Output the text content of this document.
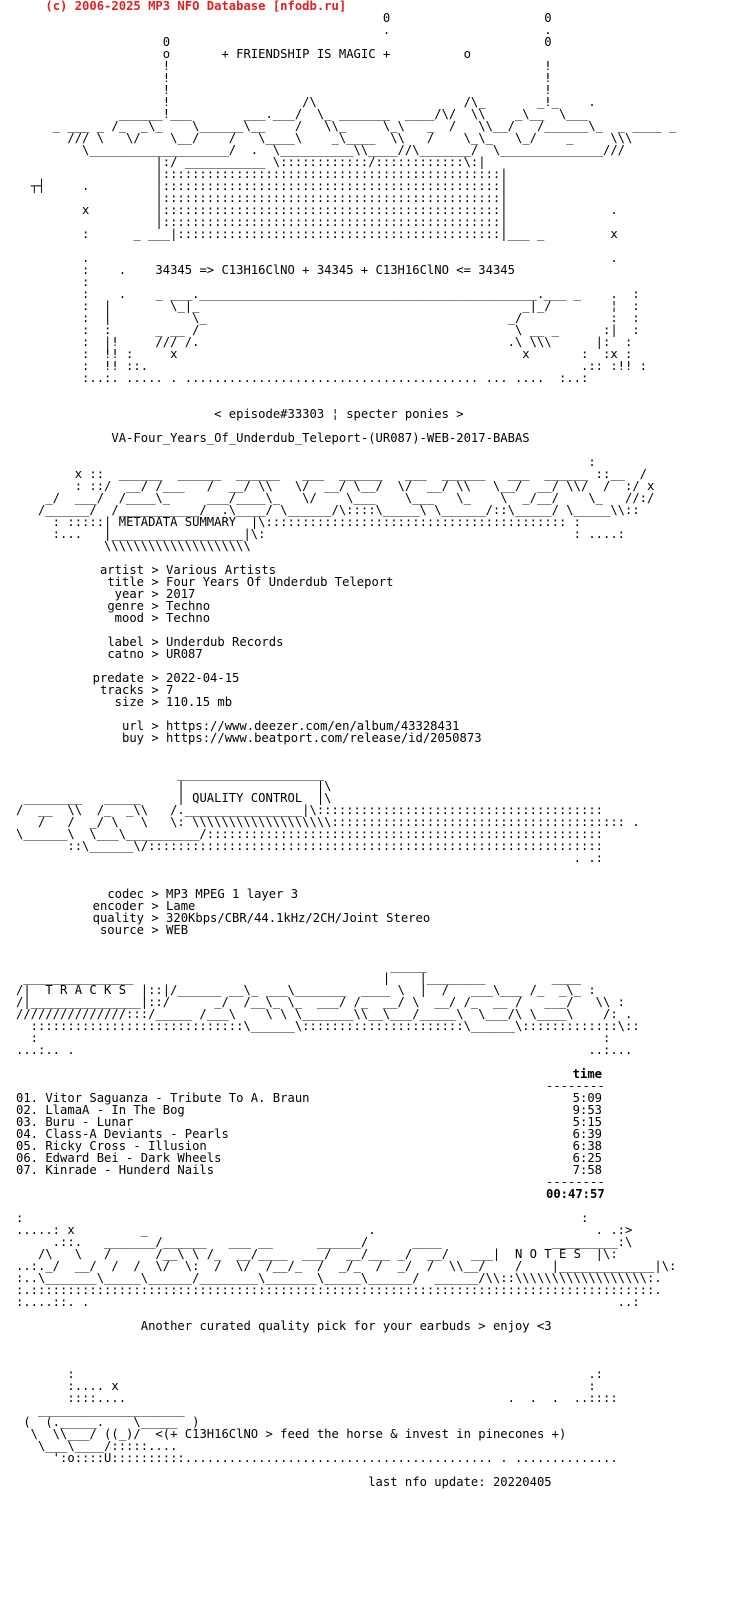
(c) 2006-2025 MP3 NFO Database [nfodb.ru]
0                     0
.                     .
0                                                   0
o	+ FRIENDSHIP IS MAGIC +	o
!                                                   !
!                                                   !
!                                                   !
!                  /\                    /\_       _!_    .
______!___       ___.___/  \_ _______  ____/\/  \\    _\__  \___
_ ___ _ /_  _\_    \______\__    /   \\_     \_\   _  /   \\__/   /______\_  _ ____ _
/// \   \/    \__/    /   \____\    _\____  \\   /    \_\_   \_/    _     \\\
\___________________/  .  \__________\\____//\_______/  \______________///
|:/ ___________ \::::::::::::/::::::::::::\:|
|::::::::::::::::::::::::::::::::::::::::::::::|
┬┤     .         |::::::::::::::::::::::::::::::::::::::::::::::|
|::::::::::::::::::::::::::::::::::::::::::::::|
x         |::::::::::::::::::::::::::::::::::::::::::::::|              .
|::::::::::::::::::::::::::::::::::::::::::::::|
:      _ ___|::::::::::::::::::::::::::::::::::::::::::::|___ _         x

.                                                                       .
:    .    34345 => C13H16ClNO + 34345 + C13H16ClNO <= 34345
:
:    .    _ ___.______________________________________________.___ _    .  :
:  |        \_|_                                            _|_/        ¦  :
:  |           \_                                         _/            :  :
:  :      _ __ /                                           \ __ _      :|  :
:  |!     /// /.                                          .\ \\\      |:  :
:  !! :     x                                               x       :  :x :
:  !! ::.                                                           .:: :!! :
:..:. ..... . ........................................ ... ....  :..:
< episode#33303 ¦ specter ponies >
VA-Four_Years_Of_Underdub_Teleport-(UR087)-WEB-2017-BABAS
:
x ::  ______  ______  ______   ___  ______   ___  ______   ___  ______ ::__  /
: ::/  __/ /___   /  __/ \\   \/  __/ \__/  \/  __/ \\   \__/  __/ \\/  /  :/ x
_/  ___/  /____\_     ___/____\_   \/    \___    \___   \_    \  _/__/    \_   //:/
/______/  /___________/  .\____/ \______/\::::\_____\ \______/::\_____/ \_____\\::
: :::::| METADATA SUMMARY  |\::::::::::::::::::::::::::::::::::::::::: :
:...   |__________________|\:                                          : ....:
\\\\\\\\\\\\\\\\\\\\
artist > Various Artists
title > Four Years Of Underdub Teleport
year > 2017
genre > Techno
mood > Techno
label > Underdub Records
catno > UR087
predate > 2022-04-15
tracks > 7
size > 110.15 mb
url > https://www.deezer.com/en/album/43328431
buy > https://www.beatport.com/release/id/2050873
____________________
|                  |\
________   _____     | QUALITY CONTROL  |\
/  __  \\  /_  _\\   /.________________|\:::::::::::::::::::::::::::::::::::::::
/   /  _/ \   \   \: \\\\\\\\\\\\\\\\\\\:::::::::::::::::::::::::::::::::::::::: .
\______\  \___\__________/::::::::::::::::::::::::::::::::::::::::::::::::::::::
::\______\/::::::::::::::::::::::::::::::::::::::::::::::::::::::::::::::
. .:
codec > MP3 MPEG 1 layer 3
encoder > Lame
quality > 320Kbps/CBR/44.1kHz/2CH/Joint Stereo
source > WEB
_____
_______________                                  |    |________         ____
/|  T R A C K S  |::|/______ __\_ ___\_______  ____ \  |  /   ___\___ /_  _\_ :
/|_______________|::/      _/  /__\_ \_  ___/ /_  __/ \  __/ /_  __ /   ___/   \\ :
///////////////:::/_____ /___\    \ \ \_______\\__\___/_____\  \___/\ \____\    /: .
:::::::::::::::::::::::::::::\______\::::::::::::::::::::::\______\:::::::::::::\::
:                                                                             :
...:.. .                                                                      ..:...
time
--------
01. Vitor Saguanza - Tribute To A. Braun	5:09
02. LlamaA - In The Bog	9:53
03. Buru - Lunar	5:15
04. Class-A Deviants - Pearls	6:39
05. Ricky Cross - Illusion	6:38
06. Edward Bei - Dark Wheels	6:25
07. Kinrade - Hunderd Nails	7:58
--------
00:47:57
:                                                                            :
.....: x         _                              .                              . .:>
.::.   _______/______   ___ __      ______/      ____               _________:\
/\   \   /      /__\ \ /_  __/____  ___/  __/___ _/  __/   ___|  N O T E S  |\:
..:._/  __/  /  /  \/  \:  /  \/  /__/_  /  _/_  /  _/  /  \\__/    /    |_____________|\:
:..\_______\_____\______/________\_______\_____\______/  ______/\\::\\\\\\\\\\\\\\\\\\:.
:.:::::::::::::::::::::::::::::::::::::::::::::::::::::::::::::::::::::::::::::::::::::.
:....::. .                                                                        ..:
Another curated quality pick for your earbuds > enjoy <3
:                                                                      .:
:.... x                                                                :
::::....                                                    .  .  .  ..::::
____________________
(  (._____.    \_____  )
\  \\___/ ((_)/  <(+ C13H16ClNO > feed the horse & invest in pinecones +)
\___\____/:::::....
':o::::U::::::::::.......................................... . ..............
last nfo update: 20220405
